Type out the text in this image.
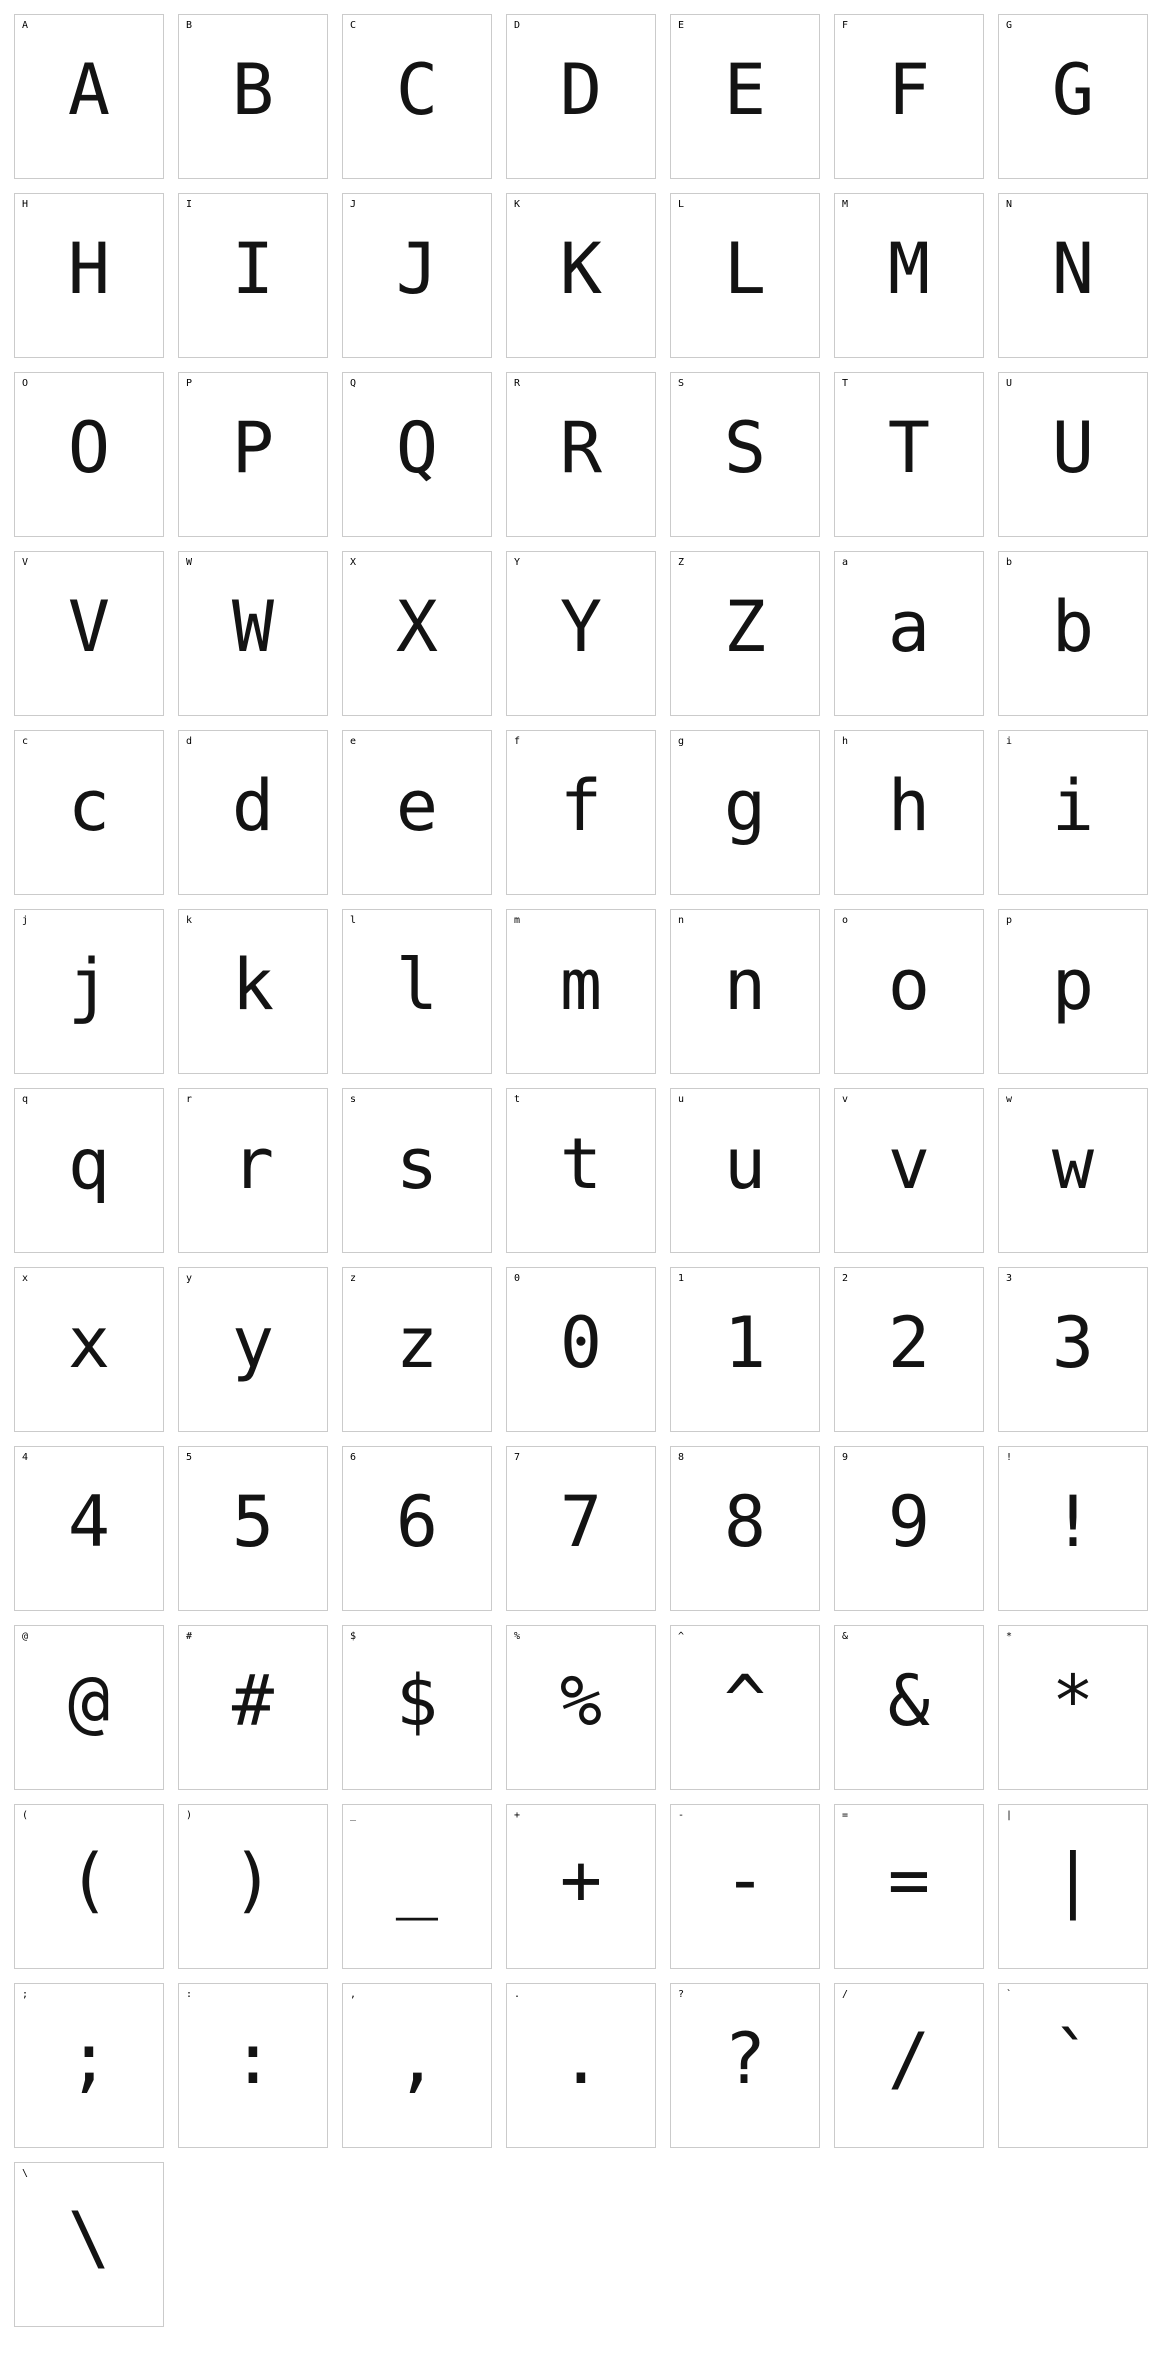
A
A
B
B
C
C
D
D
E
E
F
F
G
G
H
H
I
I
J
J
K
K
L
L
M
M
N
N
O
O
P
P
Q
Q
R
R
S
S
T
T
U
U
V
V
W
W
X
X
Y
Y
Z
Z
a
a
b
b
c
c
d
d
e
e
f
f
g
g
h
h
i
i
j
j
k
k
l
l
m
m
n
n
o
o
p
p
q
q
r
r
s
s
t
t
u
u
v
v
w
w
x
x
y
y
z
z
0
0
1
1
2
2
3
3
4
4
5
5
6
6
7
7
8
8
9
9
!
!
@
@
#
#
$
$
%
%
^
^
&
&
*
*
(
(
)
)
_
_
+
+
-
-
=
=
|
|
;
;
:
:
,
,
.
.
?
?
/
/
`
`
\
\
